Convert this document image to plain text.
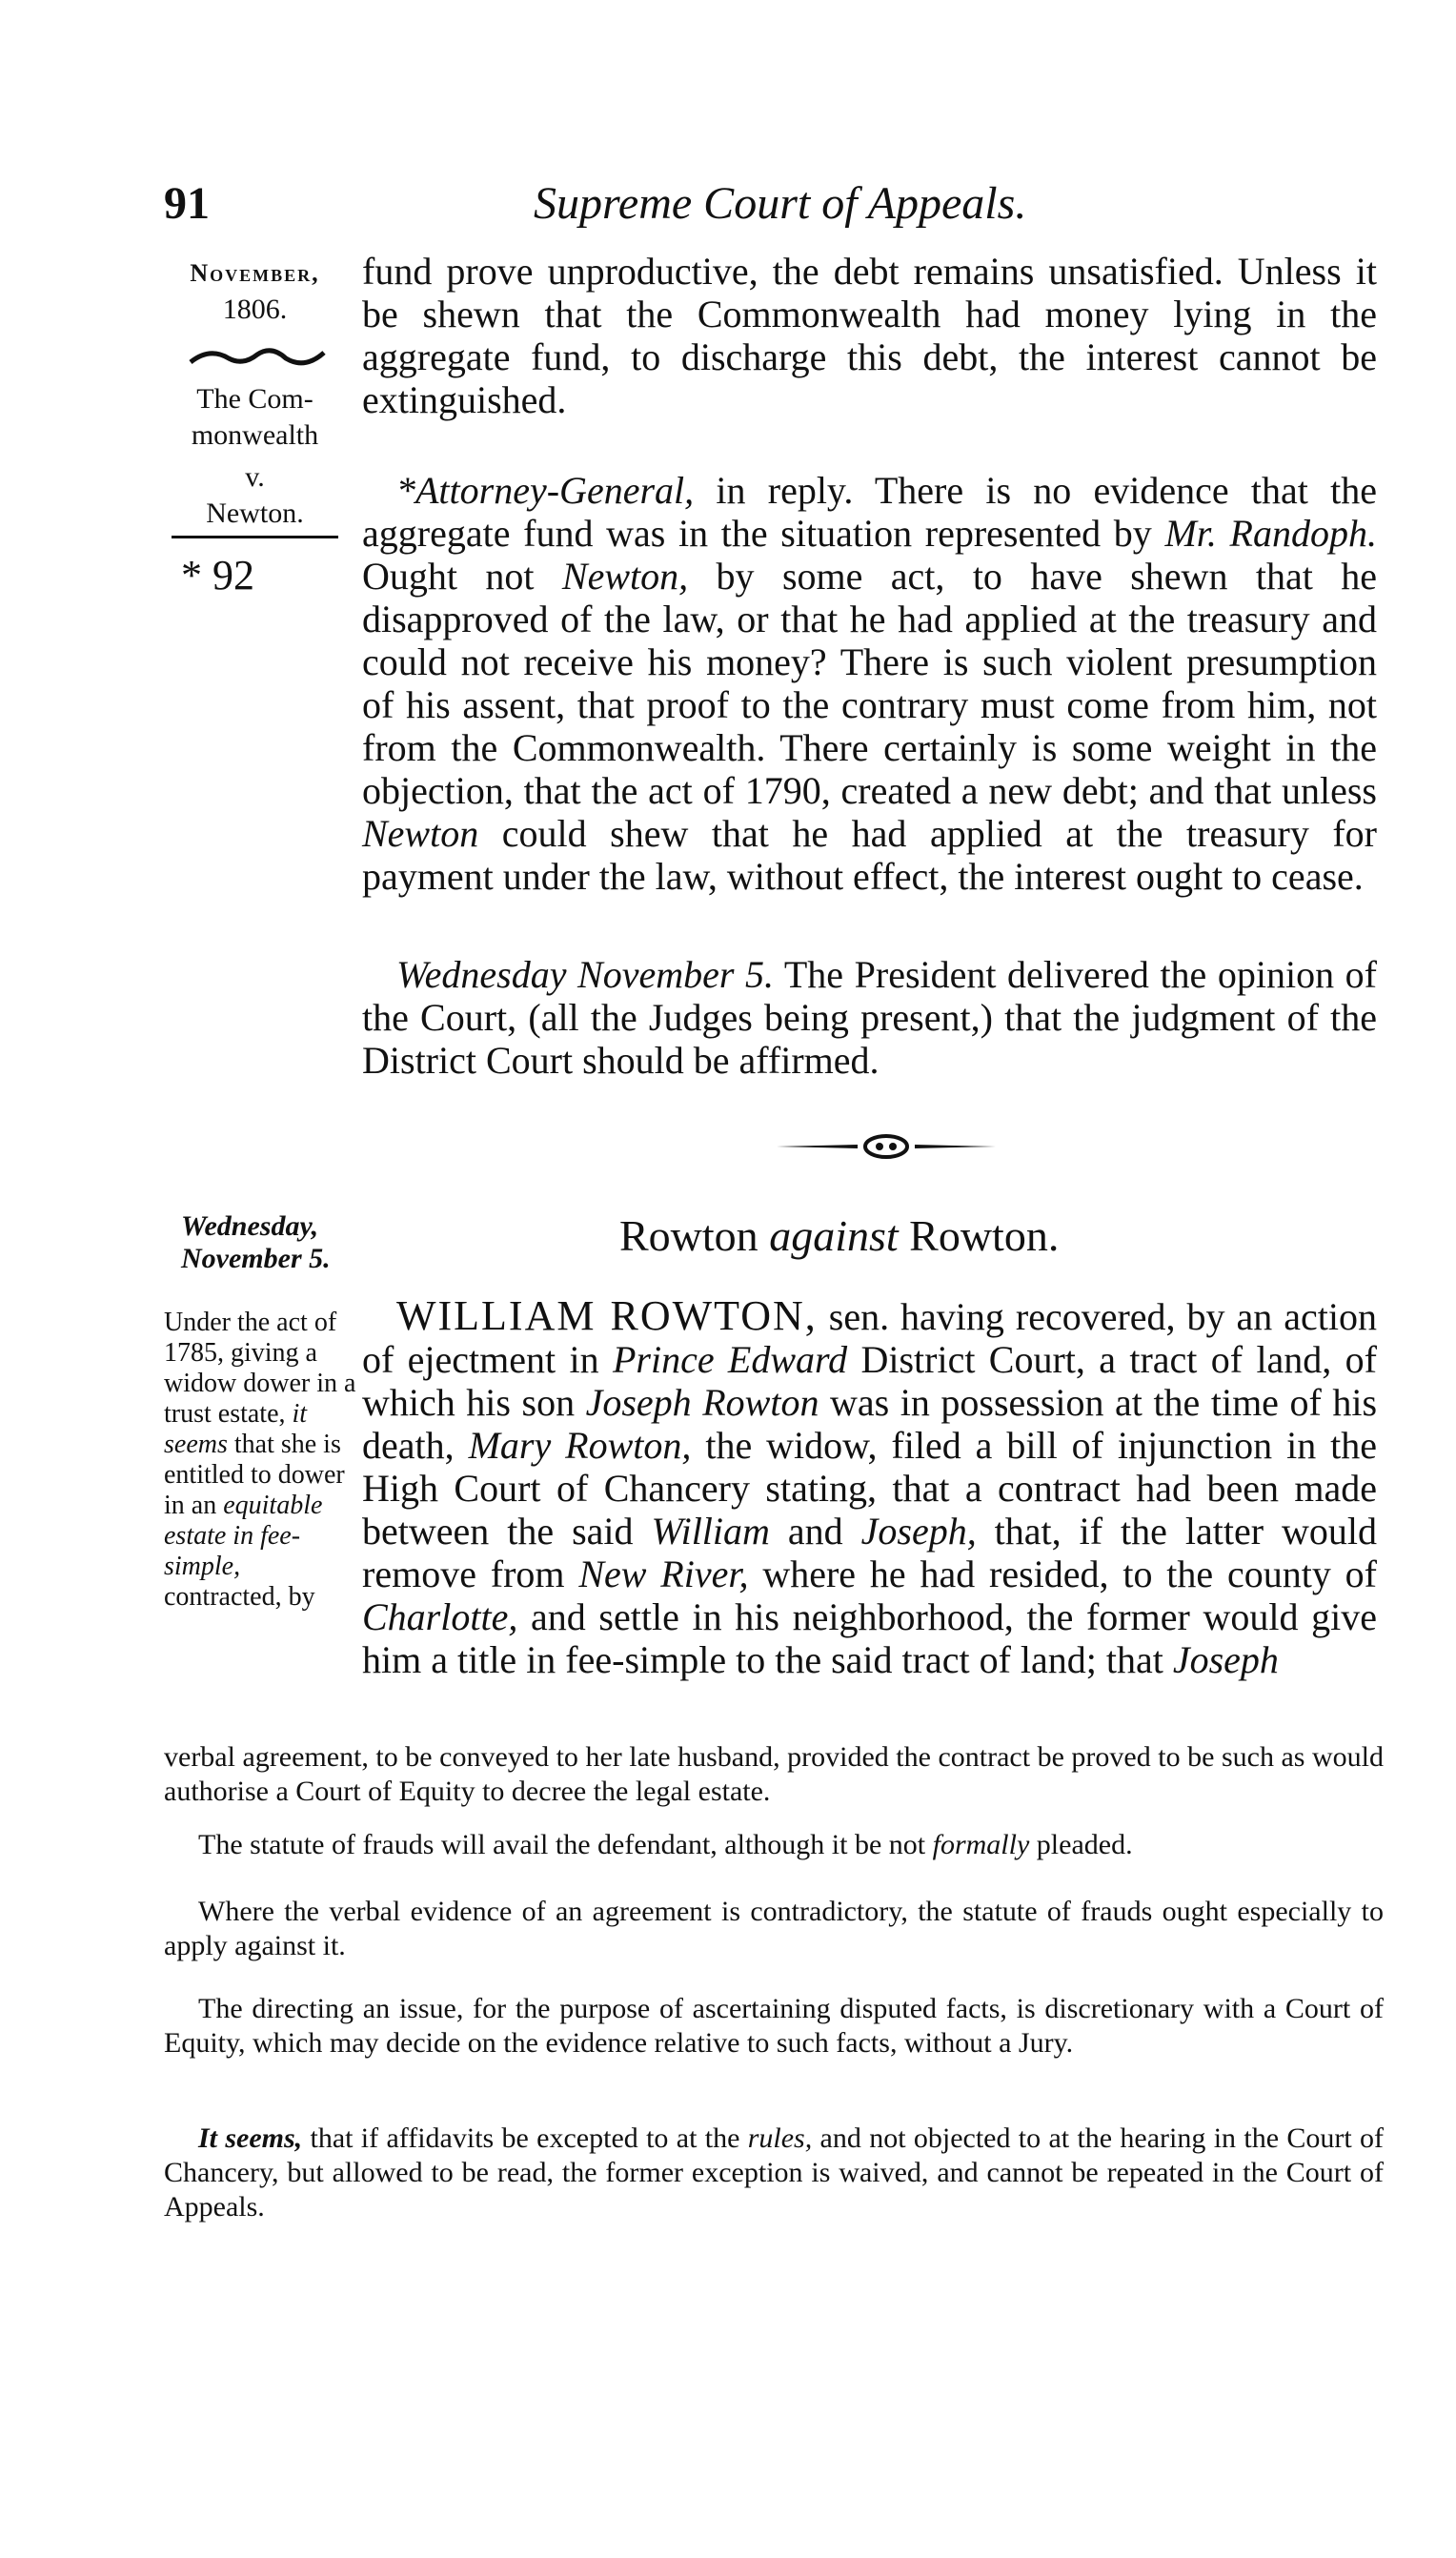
91	Supreme Court of Appeals.
November,
1806.
The Com-
monwealth
v.
Newton.
* 92
fund prove unproductive, the debt remains unsatisfied. Unless it be shewn that the Commonwealth had money lying in the aggregate fund, to discharge this debt, the interest cannot be extinguished.
*Attorney-General, in reply. There is no evidence that the aggregate fund was in the situation represented by Mr. Randoph. Ought not Newton, by some act, to have shewn that he disapproved of the law, or that he had applied at the treasury and could not receive his money? There is such violent presumption of his assent, that proof to the contrary must come from him, not from the Commonwealth. There certainly is some weight in the objection, that the act of 1790, created a new debt; and that unless Newton could shew that he had applied at the treasury for payment under the law, without effect, the interest ought to cease.
Wednesday November 5. The President delivered the opinion of the Court, (all the Judges being present,) that the judgment of the District Court should be affirmed.
Wednesday,
November 5.	Rowton against Rowton.
Under the act of 1785, giving a widow dower in a trust estate, it seems that she is entitled to dower in an equitable estate in fee-simple, contracted, by
WILLIAM ROWTON, sen. having recovered, by an action of ejectment in Prince Edward District Court, a tract of land, of which his son Joseph Rowton was in possession at the time of his death, Mary Rowton, the widow, filed a bill of injunction in the High Court of Chancery stating, that a contract had been made between the said William and Joseph, that, if the latter would remove from New River, where he had resided, to the county of Charlotte, and settle in his neighborhood, the former would give him a title in fee-simple to the said tract of land; that Joseph
verbal agreement, to be conveyed to her late husband, provided the contract be proved to be such as would authorise a Court of Equity to decree the legal estate.
The statute of frauds will avail the defendant, although it be not formally pleaded.
Where the verbal evidence of an agreement is contradictory, the statute of frauds ought especially to apply against it.
The directing an issue, for the purpose of ascertaining disputed facts, is discretionary with a Court of Equity, which may decide on the evidence relative to such facts, without a Jury.
It seems, that if affidavits be excepted to at the rules, and not objected to at the hearing in the Court of Chancery, but allowed to be read, the former exception is waived, and cannot be repeated in the Court of Appeals.
